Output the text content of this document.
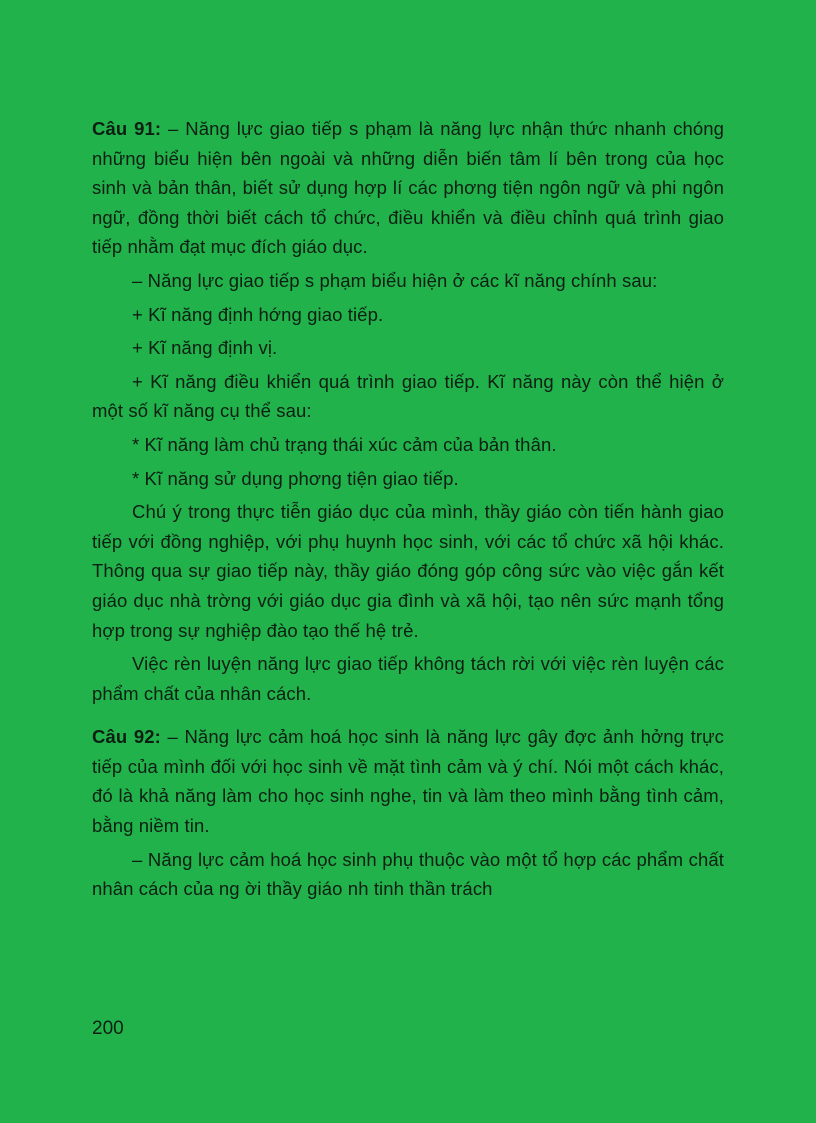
Câu 91: – Năng lực giao tiếp s phạm là năng lực nhận thức nhanh chóng những biểu hiện bên ngoài và những diễn biến tâm lí bên trong của học sinh và bản thân, biết sử dụng hợp lí các phơng tiện ngôn ngữ và phi ngôn ngữ, đồng thời biết cách tổ chức, điều khiển và điều chỉnh quá trình giao tiếp nhằm đạt mục đích giáo dục.

– Năng lực giao tiếp s phạm biểu hiện ở các kĩ năng chính sau:

+ Kĩ năng định hớng giao tiếp.

+ Kĩ năng định vị.

+ Kĩ năng điều khiển quá trình giao tiếp. Kĩ năng này còn thể hiện ở một số kĩ năng cụ thể sau:

* Kĩ năng làm chủ trạng thái xúc cảm của bản thân.

* Kĩ năng sử dụng phơng tiện giao tiếp.

Chú ý trong thực tiễn giáo dục của mình, thầy giáo còn tiến hành giao tiếp với đồng nghiệp, với phụ huynh học sinh, với các tổ chức xã hội khác. Thông qua sự giao tiếp này, thầy giáo đóng góp công sức vào việc gắn kết giáo dục nhà trờng với giáo dục gia đình và xã hội, tạo nên sức mạnh tổng hợp trong sự nghiệp đào tạo thế hệ trẻ.

Việc rèn luyện năng lực giao tiếp không tách rời với việc rèn luyện các phẩm chất của nhân cách.

Câu 92: – Năng lực cảm hoá học sinh là năng lực gây đợc ảnh hởng trực tiếp của mình đối với học sinh về mặt tình cảm và ý chí. Nói một cách khác, đó là khả năng làm cho học sinh nghe, tin và làm theo mình bằng tình cảm, bằng niềm tin.

– Năng lực cảm hoá học sinh phụ thuộc vào một tổ hợp các phẩm chất nhân cách của ng ời thầy giáo nh tinh thần trách

200
